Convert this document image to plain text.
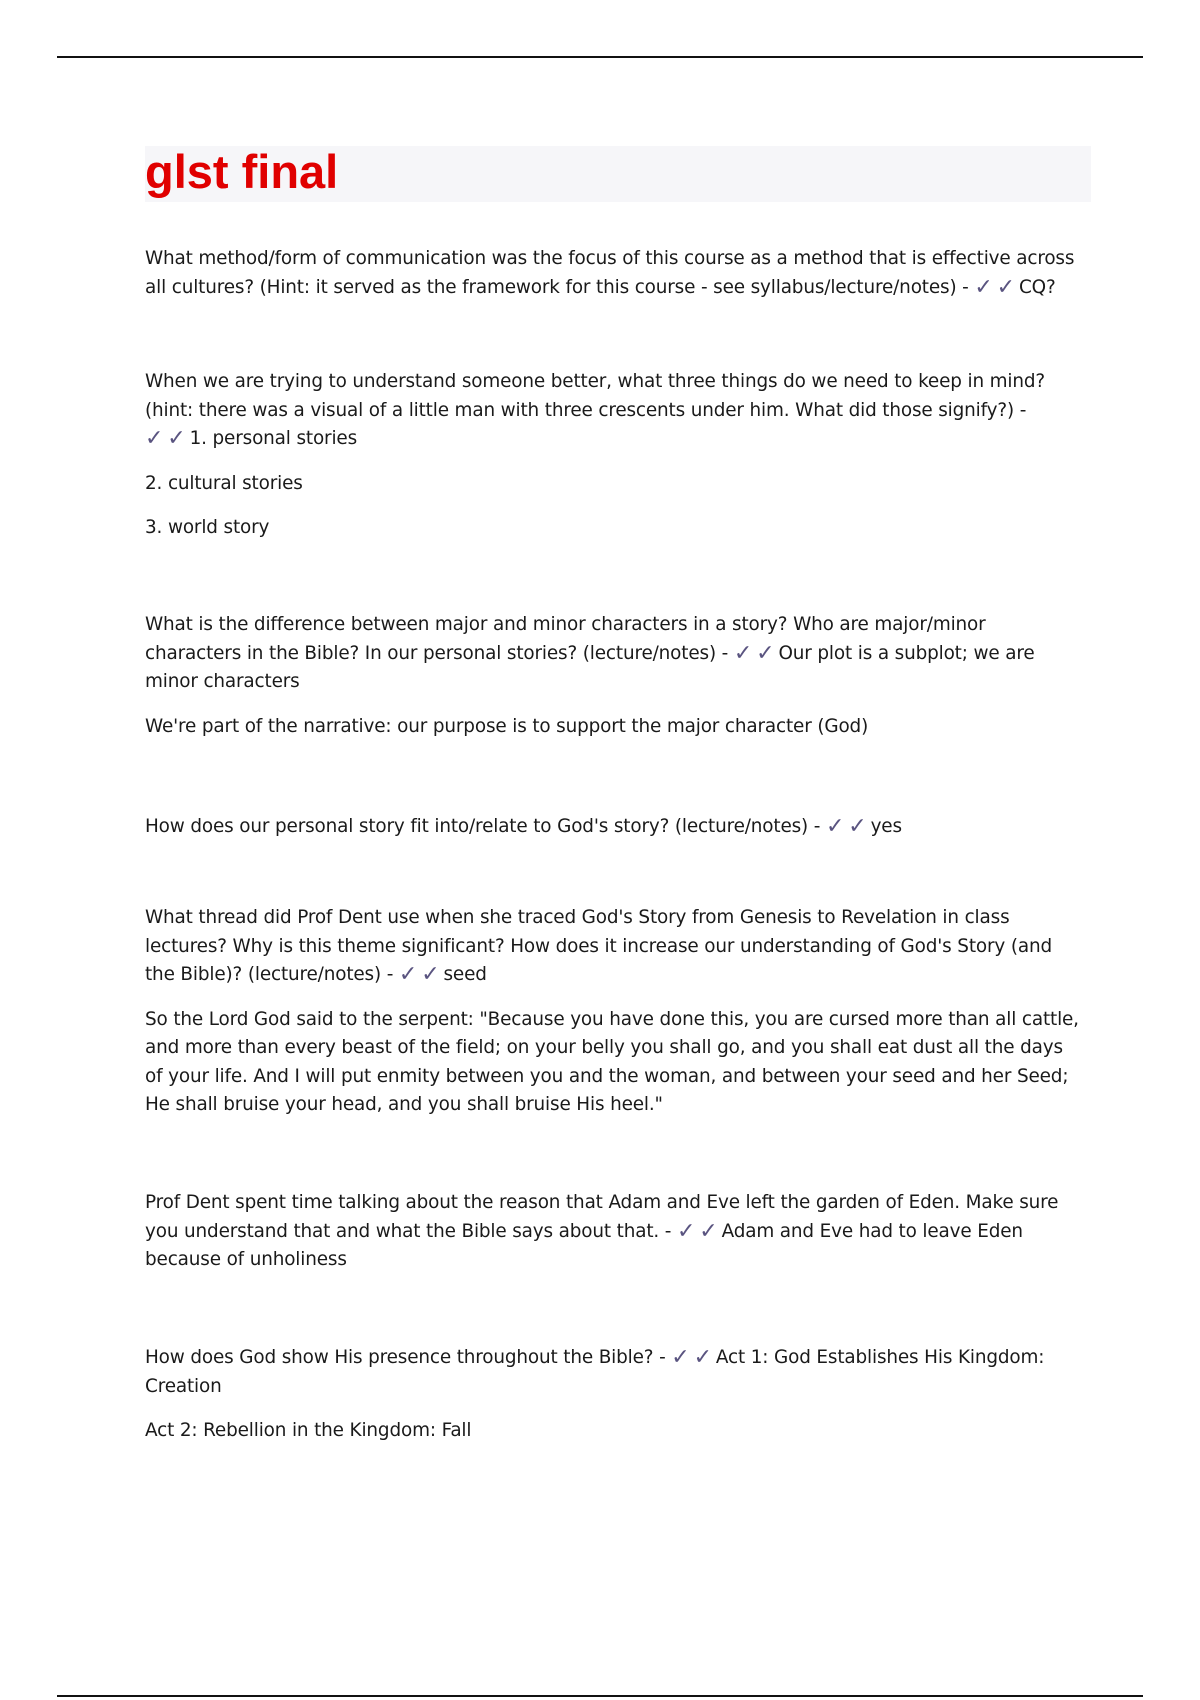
glst final

What method/form of communication was the focus of this course as a method that is effective across all cultures? (Hint: it served as the framework for this course - see syllabus/lecture/notes) - ✓ ✓ CQ?

When we are trying to understand someone better, what three things do we need to keep in mind? (hint: there was a visual of a little man with three crescents under him. What did those signify?) - ✓ ✓ 1. personal stories

2. cultural stories

3. world story

What is the difference between major and minor characters in a story? Who are major/minor characters in the Bible? In our personal stories? (lecture/notes) - ✓ ✓ Our plot is a subplot; we are minor characters

We're part of the narrative: our purpose is to support the major character (God)

How does our personal story fit into/relate to God's story? (lecture/notes) - ✓ ✓ yes

What thread did Prof Dent use when she traced God's Story from Genesis to Revelation in class lectures? Why is this theme significant? How does it increase our understanding of God's Story (and the Bible)? (lecture/notes) - ✓ ✓ seed

So the Lord God said to the serpent: "Because you have done this, you are cursed more than all cattle, and more than every beast of the field; on your belly you shall go, and you shall eat dust all the days of your life. And I will put enmity between you and the woman, and between your seed and her Seed; He shall bruise your head, and you shall bruise His heel."

Prof Dent spent time talking about the reason that Adam and Eve left the garden of Eden. Make sure you understand that and what the Bible says about that. - ✓ ✓ Adam and Eve had to leave Eden because of unholiness

How does God show His presence throughout the Bible? - ✓ ✓ Act 1: God Establishes His Kingdom: Creation

Act 2: Rebellion in the Kingdom: Fall
